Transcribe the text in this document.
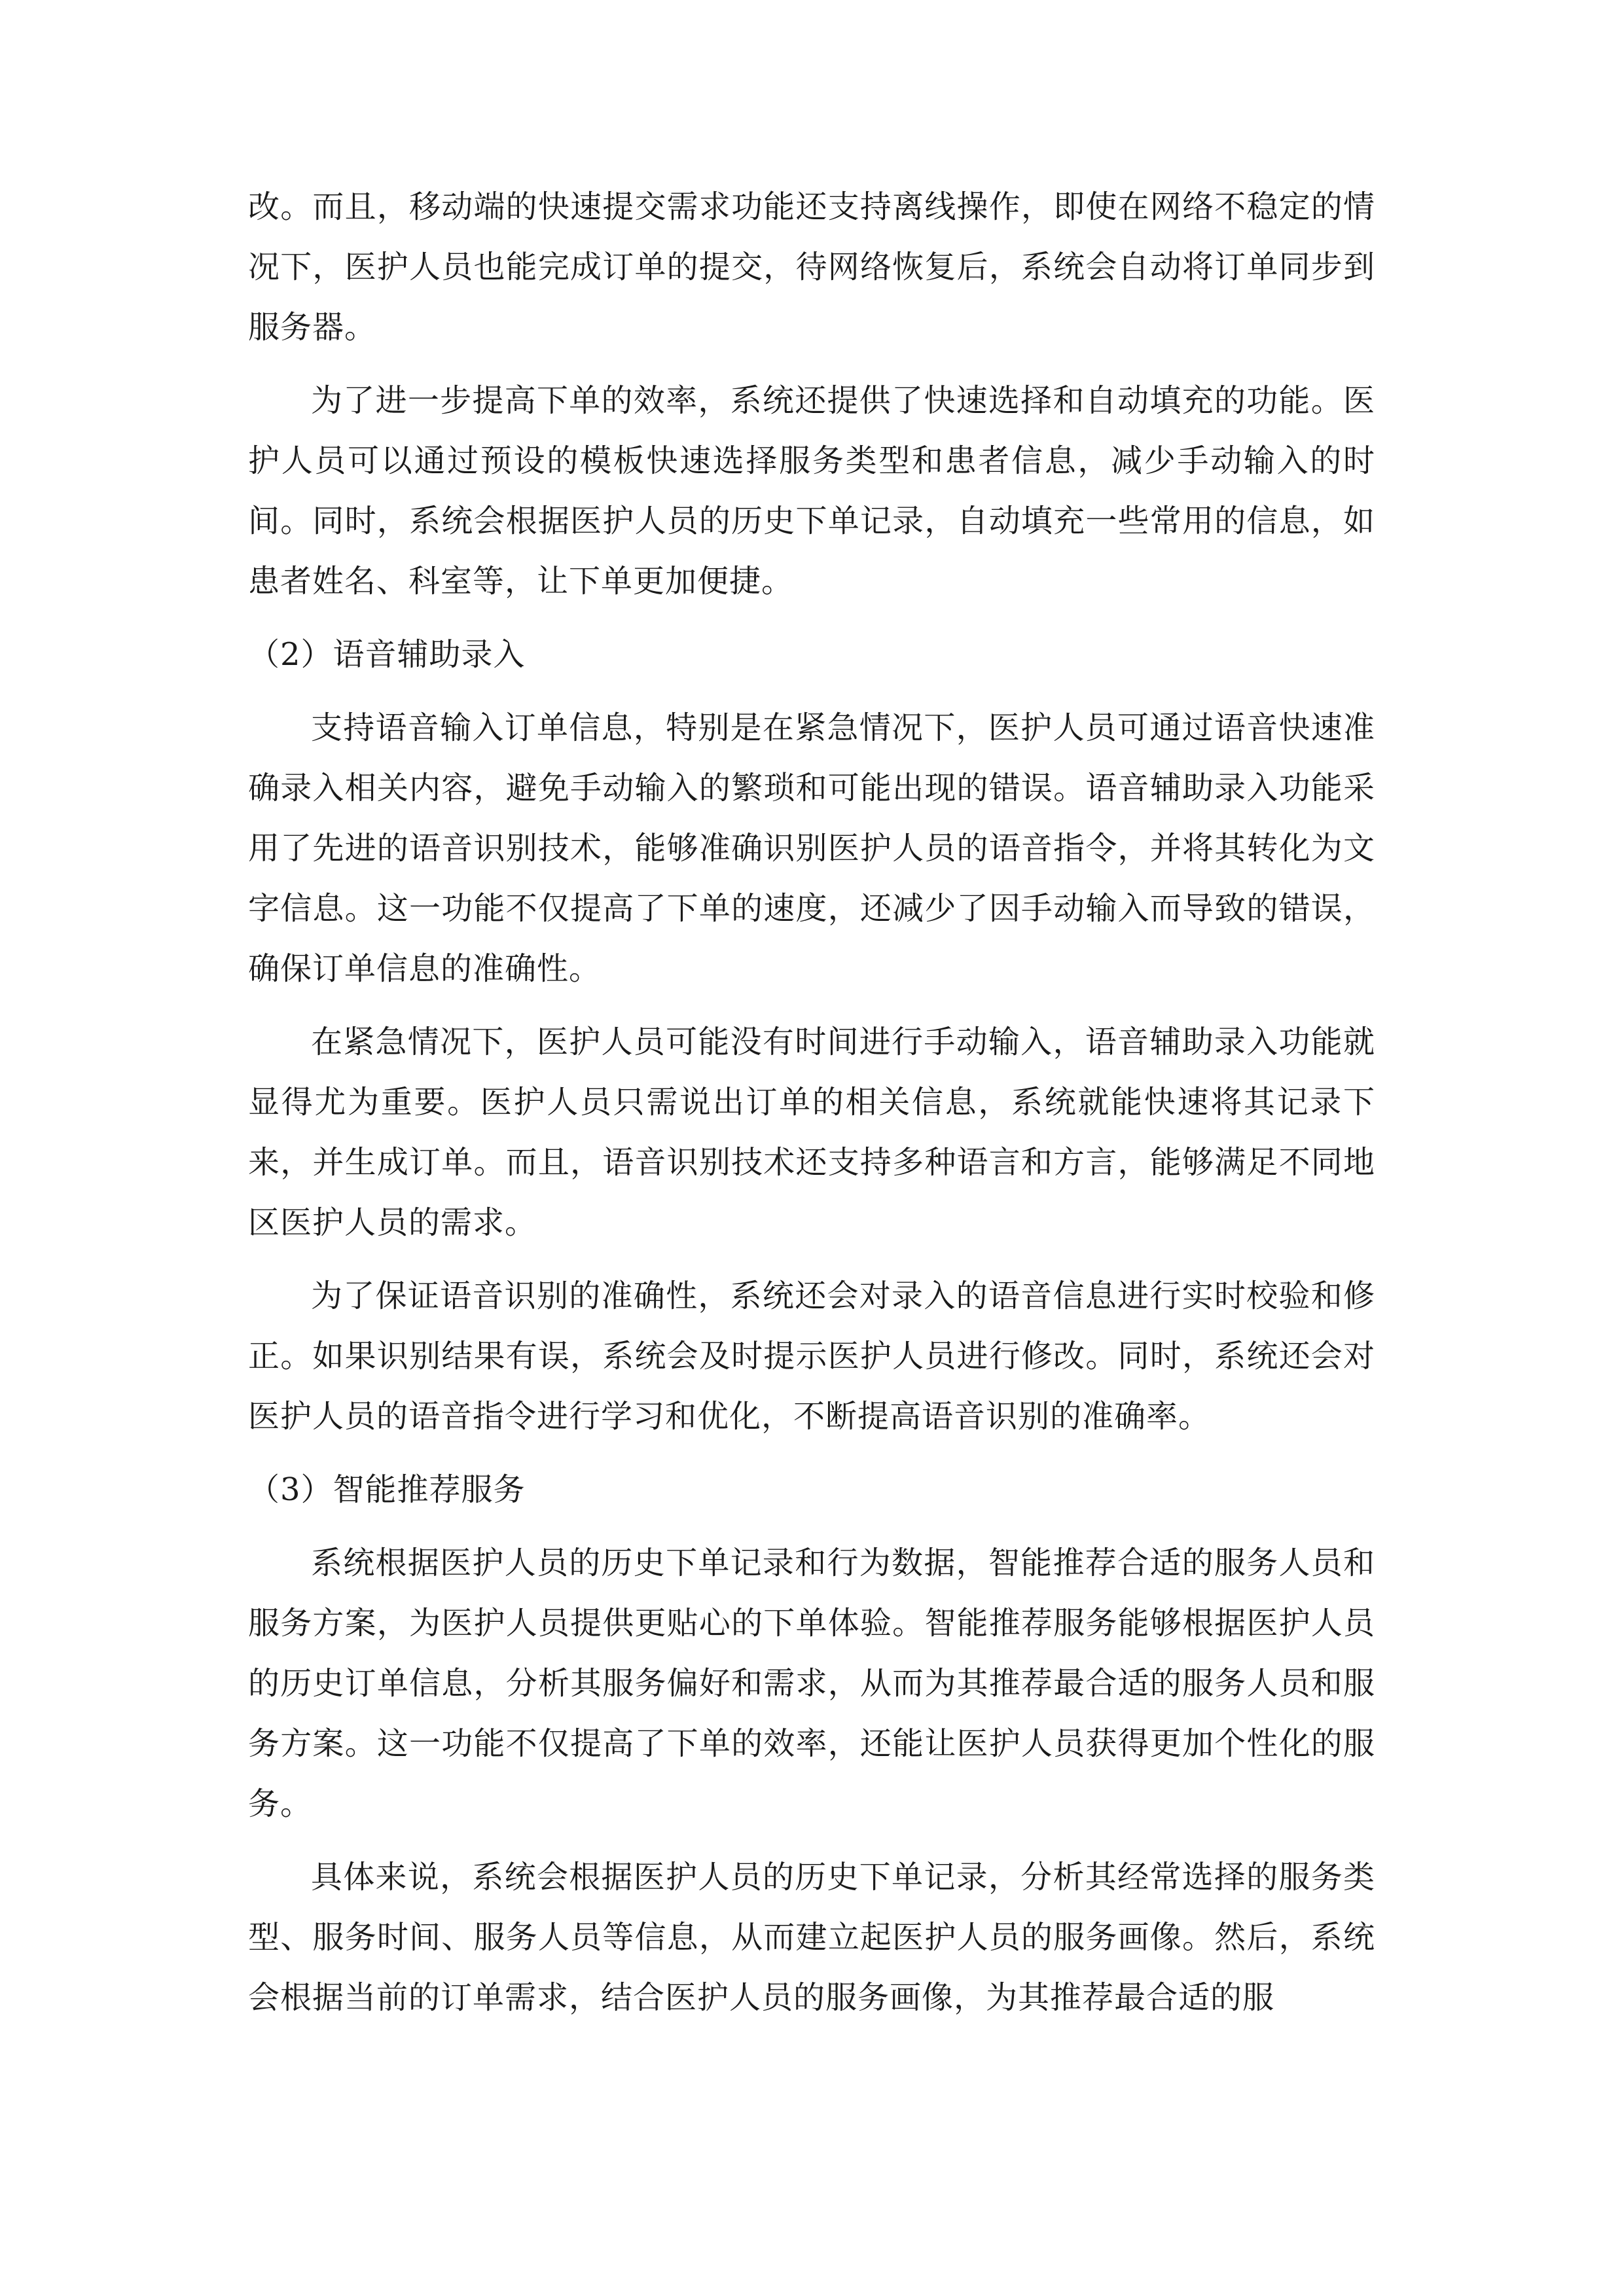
改。而且，移动端的快速提交需求功能还支持离线操作，即使在网络不稳定的情况下，医护人员也能完成订单的提交，待网络恢复后，系统会自动将订单同步到服务器。

为了进一步提高下单的效率，系统还提供了快速选择和自动填充的功能。医护人员可以通过预设的模板快速选择服务类型和患者信息，减少手动输入的时间。同时，系统会根据医护人员的历史下单记录，自动填充一些常用的信息，如患者姓名、科室等，让下单更加便捷。

（2）语音辅助录入

支持语音输入订单信息，特别是在紧急情况下，医护人员可通过语音快速准确录入相关内容，避免手动输入的繁琐和可能出现的错误。语音辅助录入功能采用了先进的语音识别技术，能够准确识别医护人员的语音指令，并将其转化为文字信息。这一功能不仅提高了下单的速度，还减少了因手动输入而导致的错误，确保订单信息的准确性。

在紧急情况下，医护人员可能没有时间进行手动输入，语音辅助录入功能就显得尤为重要。医护人员只需说出订单的相关信息，系统就能快速将其记录下来，并生成订单。而且，语音识别技术还支持多种语言和方言，能够满足不同地区医护人员的需求。

为了保证语音识别的准确性，系统还会对录入的语音信息进行实时校验和修正。如果识别结果有误，系统会及时提示医护人员进行修改。同时，系统还会对医护人员的语音指令进行学习和优化，不断提高语音识别的准确率。

（3）智能推荐服务

系统根据医护人员的历史下单记录和行为数据，智能推荐合适的服务人员和服务方案，为医护人员提供更贴心的下单体验。智能推荐服务能够根据医护人员的历史订单信息，分析其服务偏好和需求，从而为其推荐最合适的服务人员和服务方案。这一功能不仅提高了下单的效率，还能让医护人员获得更加个性化的服务。

具体来说，系统会根据医护人员的历史下单记录，分析其经常选择的服务类型、服务时间、服务人员等信息，从而建立起医护人员的服务画像。然后，系统会根据当前的订单需求，结合医护人员的服务画像，为其推荐最合适的服
